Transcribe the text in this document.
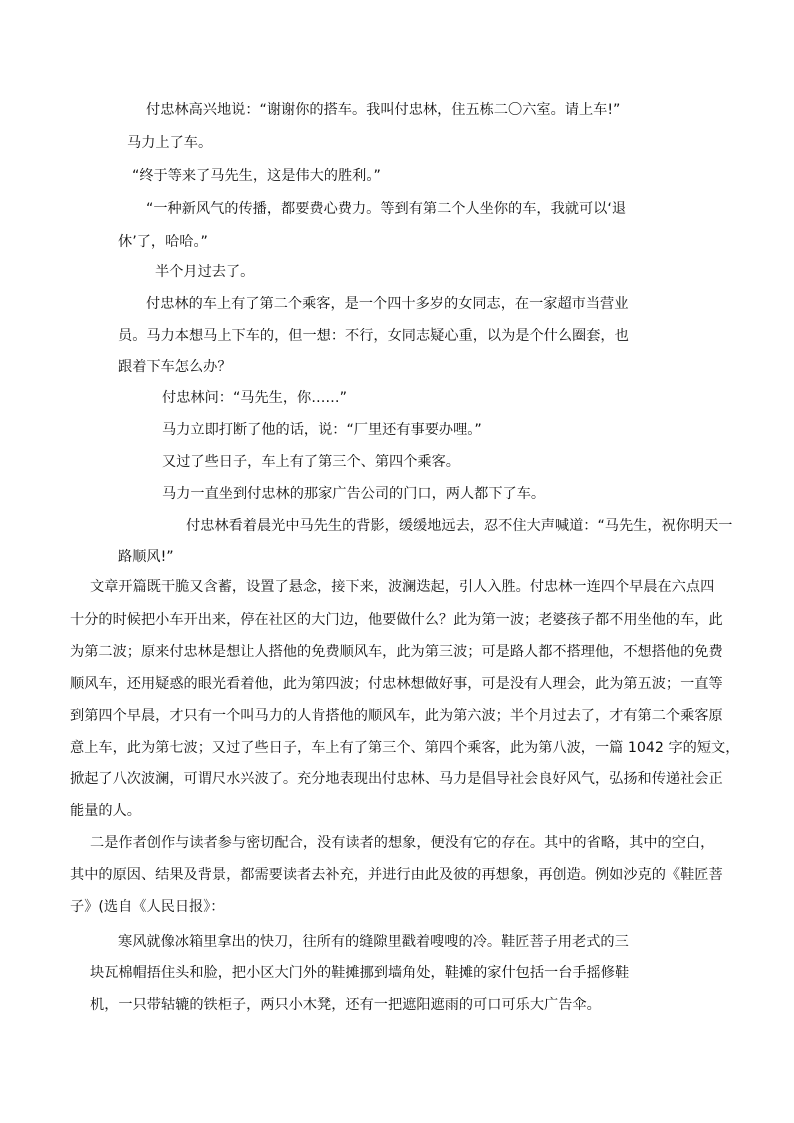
付忠林高兴地说：“谢谢你的搭车。我叫付忠林，住五栋二〇六室。请上车!”
马力上了车。
“终于等来了马先生，这是伟大的胜利。”
“一种新风气的传播，都要费心费力。等到有第二个人坐你的车，我就可以‘退
休’了，哈哈。”
半个月过去了。
付忠林的车上有了第二个乘客，是一个四十多岁的女同志，在一家超市当营业
员。马力本想马上下车的，但一想：不行，女同志疑心重，以为是个什么圈套，也
跟着下车怎么办？
付忠林问：“马先生，你……”
马力立即打断了他的话，说：“厂里还有事要办哩。”
又过了些日子，车上有了第三个、第四个乘客。
马力一直坐到付忠林的那家广告公司的门口，两人都下了车。
付忠林看着晨光中马先生的背影，缓缓地远去，忍不住大声喊道：“马先生，祝你明天一
路顺风!”
文章开篇既干脆又含蓄，设置了悬念，接下来，波澜迭起，引人入胜。付忠林一连四个早晨在六点四
十分的时候把小车开出来，停在社区的大门边，他要做什么？此为第一波；老婆孩子都不用坐他的车，此
为第二波；原来付忠林是想让人搭他的免费顺风车，此为第三波；可是路人都不搭理他，不想搭他的免费
顺风车，还用疑惑的眼光看着他，此为第四波；付忠林想做好事，可是没有人理会，此为第五波；一直等
到第四个早晨，才只有一个叫马力的人肯搭他的顺风车，此为第六波；半个月过去了，才有第二个乘客原
意上车，此为第七波；又过了些日子，车上有了第三个、第四个乘客，此为第八波，一篇 1042 字的短文，
掀起了八次波澜，可谓尺水兴波了。充分地表现出付忠林、马力是倡导社会良好风气，弘扬和传递社会正
能量的人。
二是作者创作与读者参与密切配合，没有读者的想象，便没有它的存在。其中的省略，其中的空白，
其中的原因、结果及背景，都需要读者去补充，并进行由此及彼的再想象，再创造。例如沙克的《鞋匠菩
子》(选自《人民日报》：
寒风就像冰箱里拿出的快刀，往所有的缝隙里戳着嗖嗖的冷。鞋匠菩子用老式的三
块瓦棉帽捂住头和脸，把小区大门外的鞋摊挪到墙角处，鞋摊的家什包括一台手摇修鞋
机，一只带轱辘的铁柜子，两只小木凳，还有一把遮阳遮雨的可口可乐大广告伞。
